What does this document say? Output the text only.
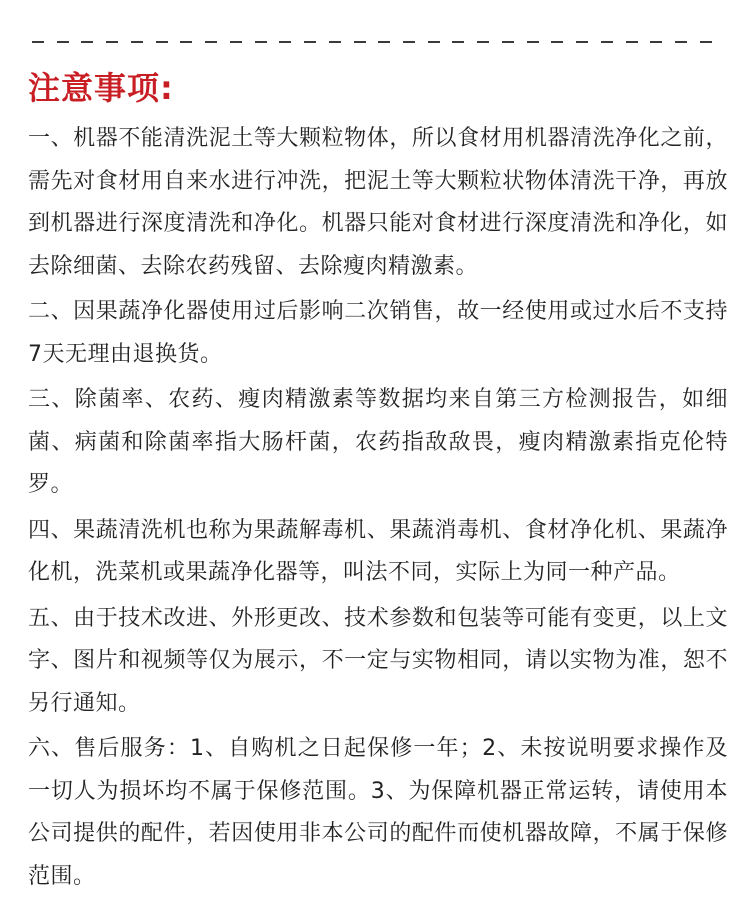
注意事项:
一、机器不能清洗泥土等大颗粒物体，所以食材用机器清洗净化之前，需先对食材用自来水进行冲洗，把泥土等大颗粒状物体清洗干净，再放到机器进行深度清洗和净化。机器只能对食材进行深度清洗和净化，如去除细菌、去除农药残留、去除瘦肉精激素。
二、因果蔬净化器使用过后影响二次销售，故一经使用或过水后不支持7天无理由退换货。
三、除菌率、农药、瘦肉精激素等数据均来自第三方检测报告，如细菌、病菌和除菌率指大肠杆菌，农药指敌敌畏，瘦肉精激素指克伦特罗。
四、果蔬清洗机也称为果蔬解毒机、果蔬消毒机、食材净化机、果蔬净化机，洗菜机或果蔬净化器等，叫法不同，实际上为同一种产品。
五、由于技术改进、外形更改、技术参数和包装等可能有变更，以上文字、图片和视频等仅为展示，不一定与实物相同，请以实物为准，恕不另行通知。
六、售后服务：1、自购机之日起保修一年；2、未按说明要求操作及一切人为损坏均不属于保修范围。3、为保障机器正常运转，请使用本公司提供的配件，若因使用非本公司的配件而使机器故障，不属于保修范围。
